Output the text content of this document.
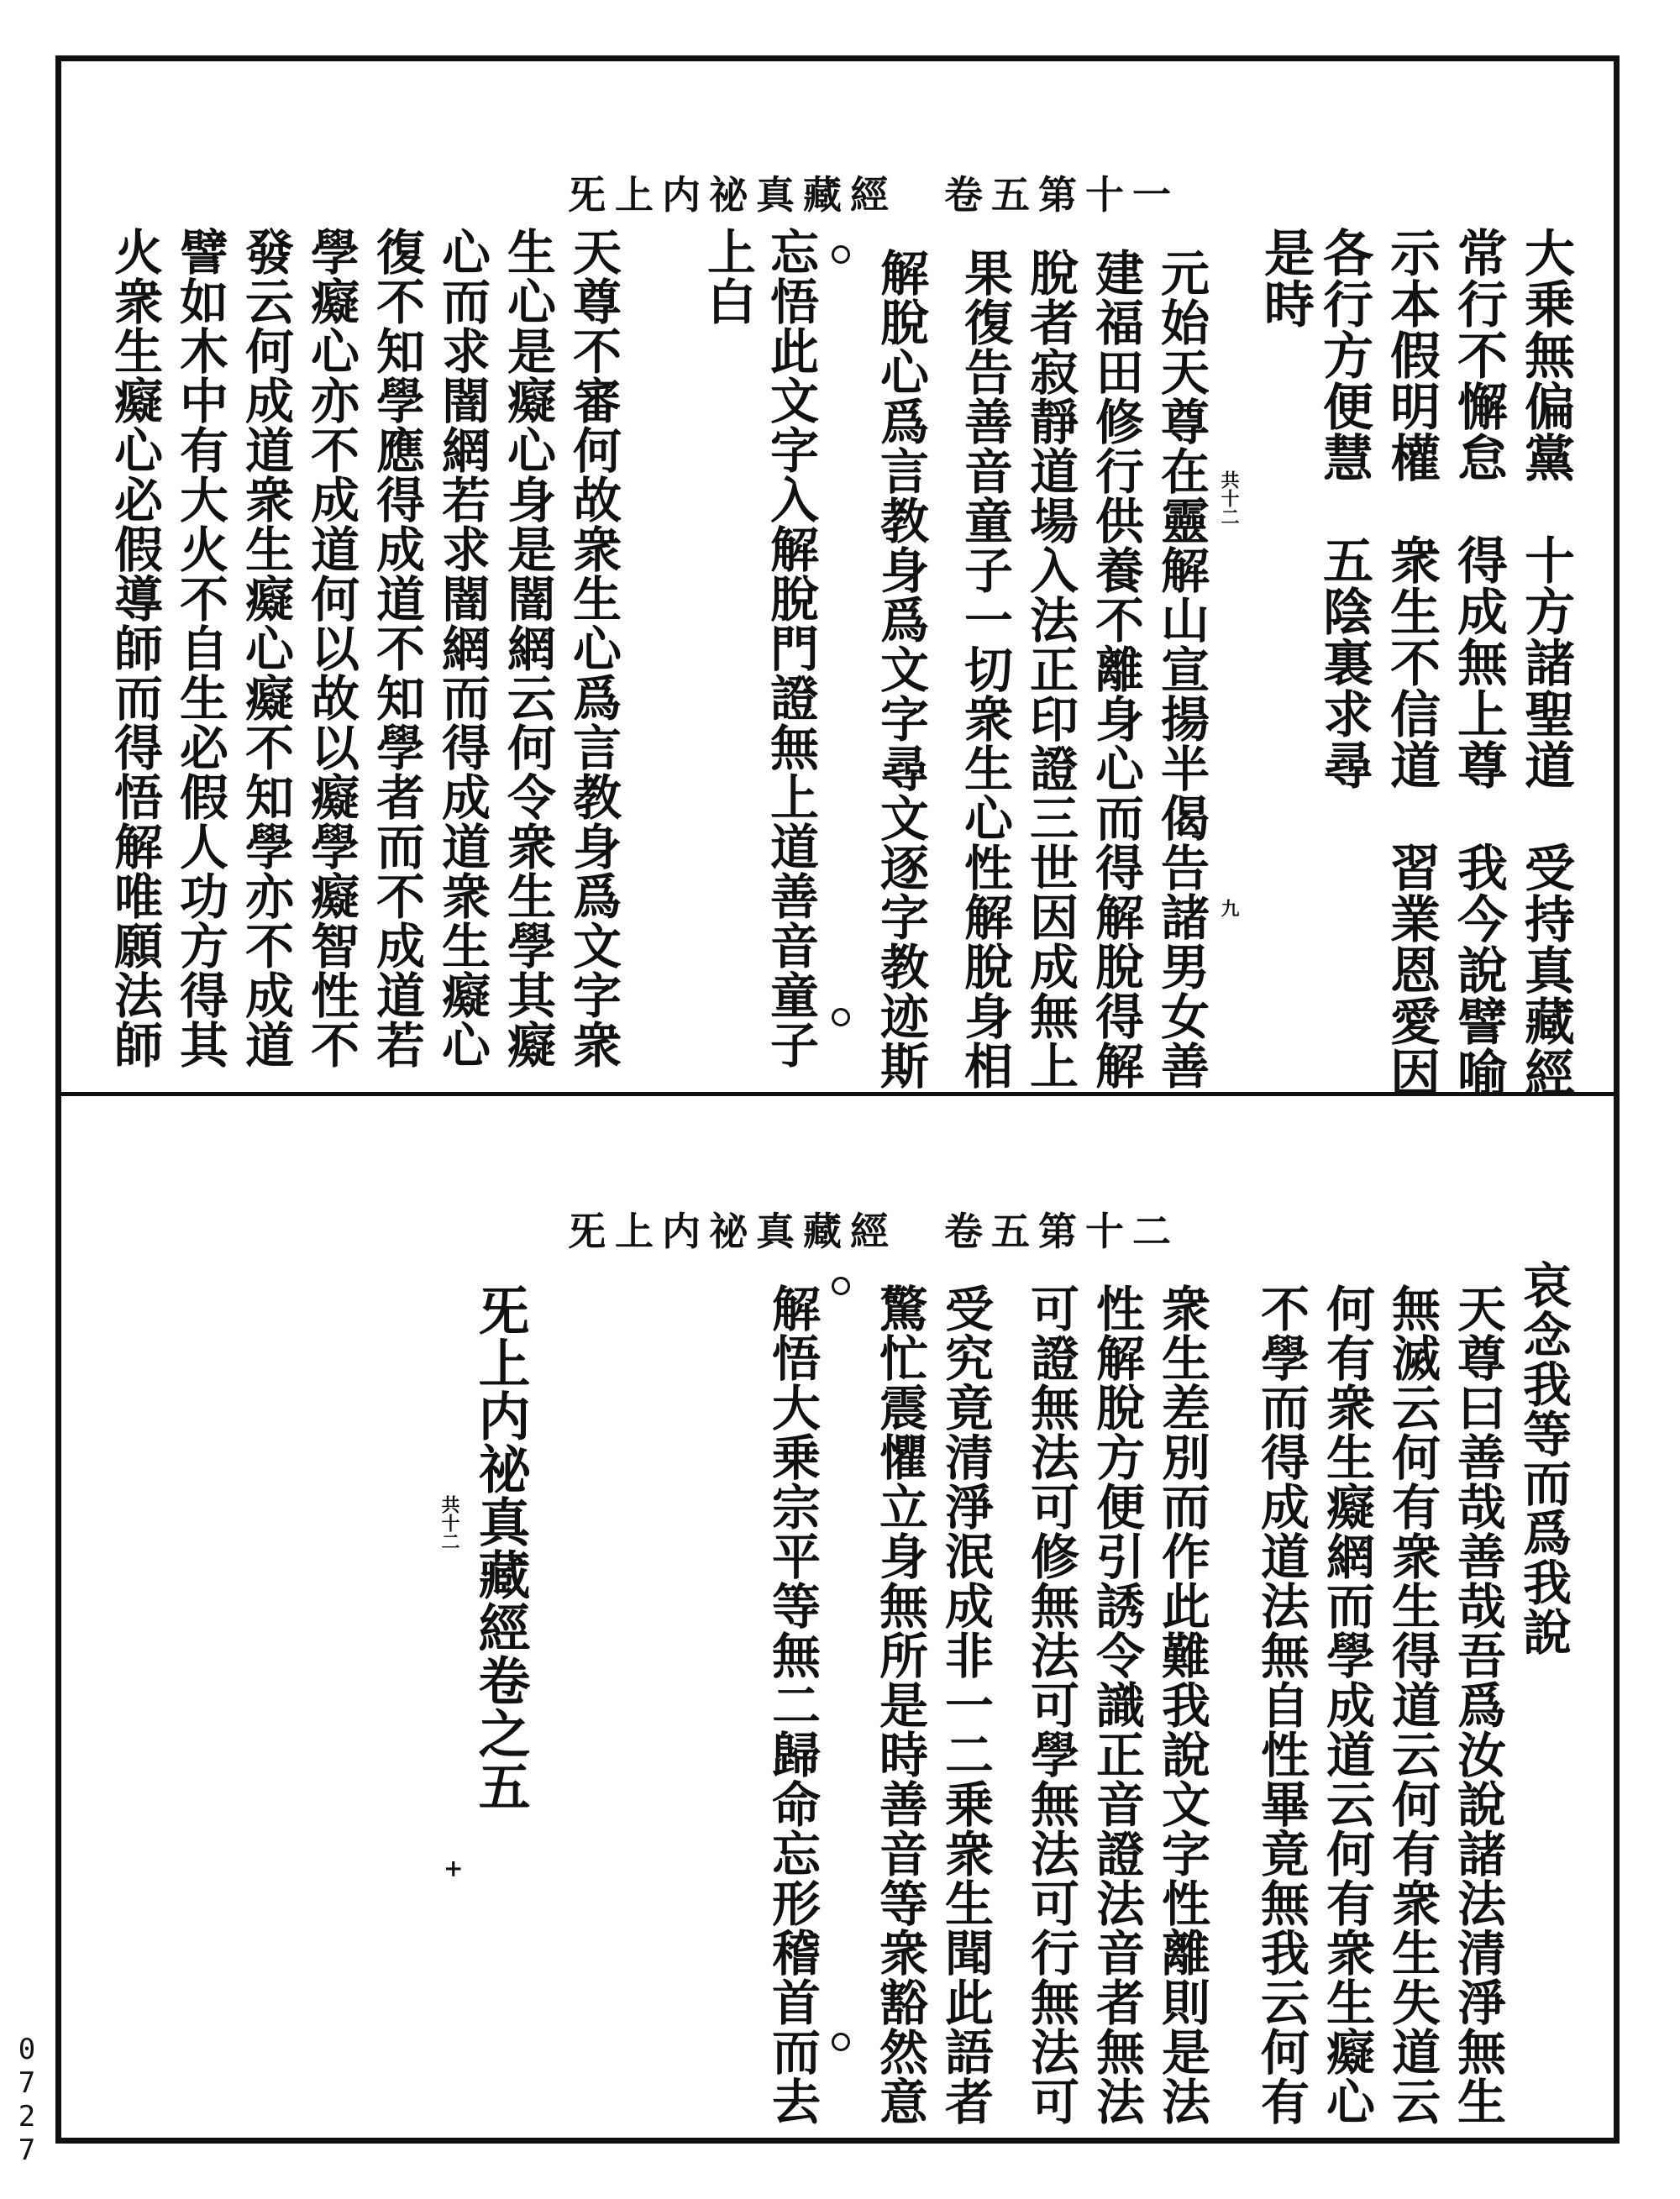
旡上内祕真藏經　卷五第十一
大乗無偏黨　十方諸聖道　受持真藏經
常行不懈怠　得成無上尊　我今說譬喻
示本假明權　衆生不信道　習業恩愛因
各行方便慧　五陰裏求尋
是時
元始天尊在靈解山宣揚半偈告諸男女善
建福田修行供養不離身心而得解脫得解
脫者寂靜道場入法正印證三世因成無上
果復告善音童子一切衆生心性解脫身相
解脫心爲言教身爲文字尋文逐字教迹斯
忘悟此文字入解脫門證無上道善音童子
上白
天尊不審何故衆生心爲言教身爲文字衆
生心是癡心身是闇網云何令衆生學其癡
心而求闇網若求闇網而得成道衆生癡心
復不知學應得成道不知學者而不成道若
學癡心亦不成道何以故以癡學癡智性不
發云何成道衆生癡心癡不知學亦不成道
譬如木中有大火不自生必假人功方得其
火衆生癡心必假導師而得悟解唯願法師	共十二
九
旡上内祕真藏經　卷五第十二
哀念我等而爲我說
天尊曰善哉善哉吾爲汝說諸法清淨無生
無滅云何有衆生得道云何有衆生失道云
何有衆生癡網而學成道云何有衆生癡心
不學而得成道法無自性畢竟無我云何有
衆生差別而作此難我說文字性離則是法
性解脫方便引誘令識正音證法音者無法
可證無法可修無法可學無法可行無法可
受究竟清淨泯成非一二乗衆生聞此語者
驚忙震懼立身無所是時善音等衆豁然意
解悟大乗宗平等無二歸命忘形稽首而去
旡上内祕真藏經卷之五
共十二
+
0727
